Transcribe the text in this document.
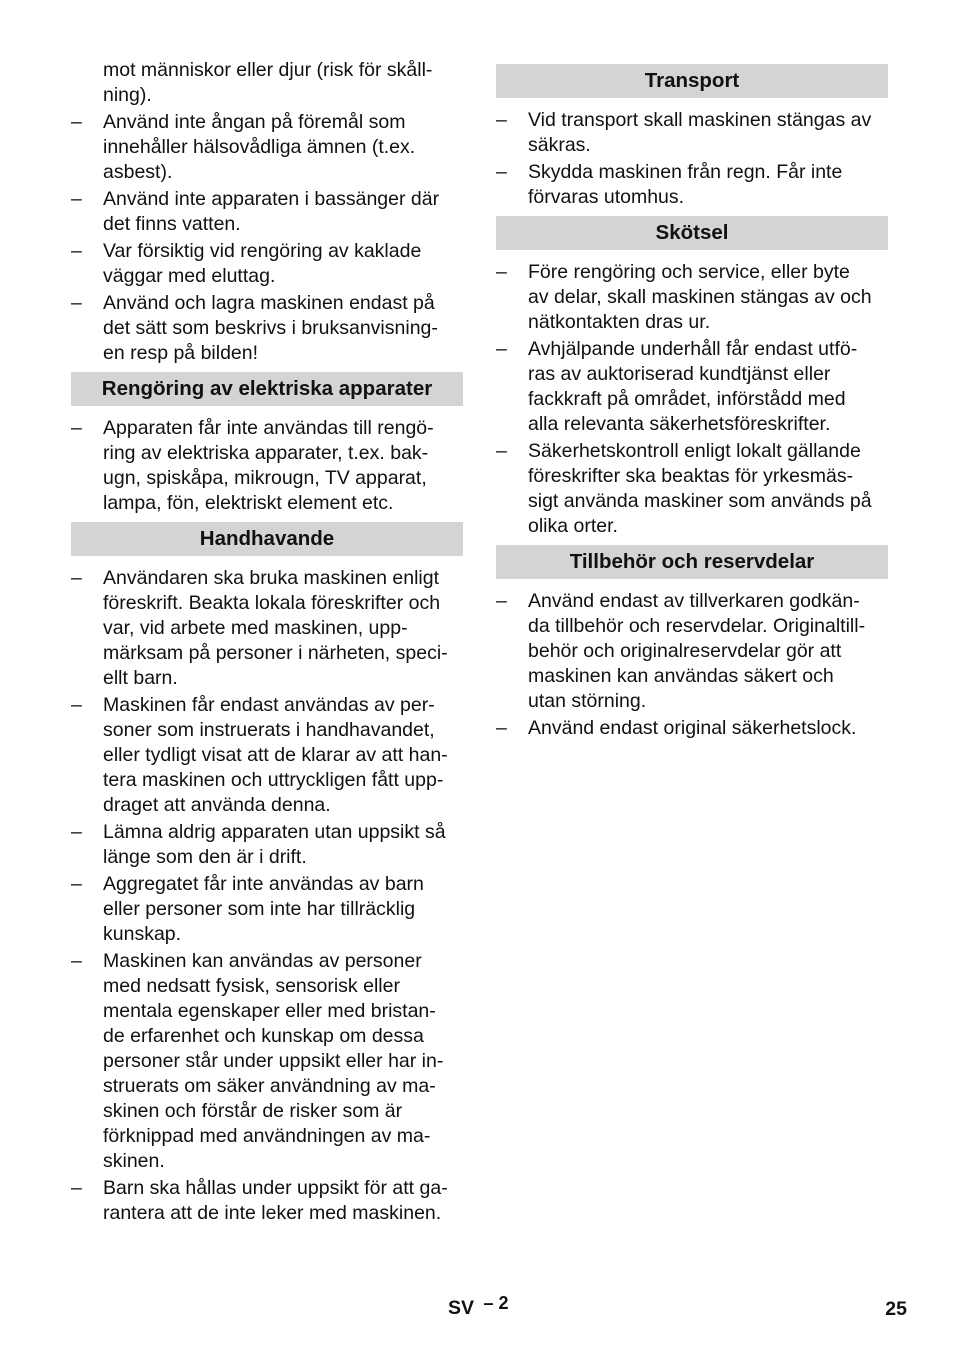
mot människor eller djur (risk för skåll-
ning).

– Använd inte ångan på föremål som
innehåller hälsovådliga ämnen (t.ex.
asbest).
– Använd inte apparaten i bassänger där
det finns vatten.
– Var försiktig vid rengöring av kaklade
väggar med eluttag.
– Använd och lagra maskinen endast på
det sätt som beskrivs i bruksanvisning-
en resp på bilden!
Rengöring av elektriska apparater
– Apparaten får inte användas till rengö-
ring av elektriska apparater, t.ex. bak-
ugn, spiskåpa, mikrougn, TV apparat,
lampa, fön, elektriskt element etc.
Handhavande
– Användaren ska bruka maskinen enligt
föreskrift. Beakta lokala föreskrifter och
var, vid arbete med maskinen, upp-
märksam på personer i närheten, speci-
ellt barn.
– Maskinen får endast användas av per-
soner som instruerats i handhavandet,
eller tydligt visat att de klarar av att han-
tera maskinen och uttryckligen fått upp-
draget att använda denna.
– Lämna aldrig apparaten utan uppsikt så
länge som den är i drift.
– Aggregatet får inte användas av barn
eller personer som inte har tillräcklig
kunskap.
– Maskinen kan användas av personer
med nedsatt fysisk, sensorisk eller
mentala egenskaper eller med bristan-
de erfarenhet och kunskap om dessa
personer står under uppsikt eller har in-
struerats om säker användning av ma-
skinen och förstår de risker som är
förknippad med användningen av ma-
skinen.
– Barn ska hållas under uppsikt för att ga-
rantera att de inte leker med maskinen.
Transport
– Vid transport skall maskinen stängas av
säkras.
– Skydda maskinen från regn. Får inte
förvaras utomhus.
Skötsel
– Före rengöring och service, eller byte
av delar, skall maskinen stängas av och
nätkontakten dras ur.
– Avhjälpande underhåll får endast utfö-
ras av auktoriserad kundtjänst eller
fackkraft på området, införstådd med
alla relevanta säkerhetsföreskrifter.
– Säkerhetskontroll enligt lokalt gällande
föreskrifter ska beaktas för yrkesmäs-
sigt använda maskiner som används på
olika orter.
Tillbehör och reservdelar
– Använd endast av tillverkaren godkän-
da tillbehör och reservdelar. Originaltill-
behör och originalreservdelar gör att
maskinen kan användas säkert och
utan störning.
– Använd endast original säkerhetslock.
SV – 2	25
